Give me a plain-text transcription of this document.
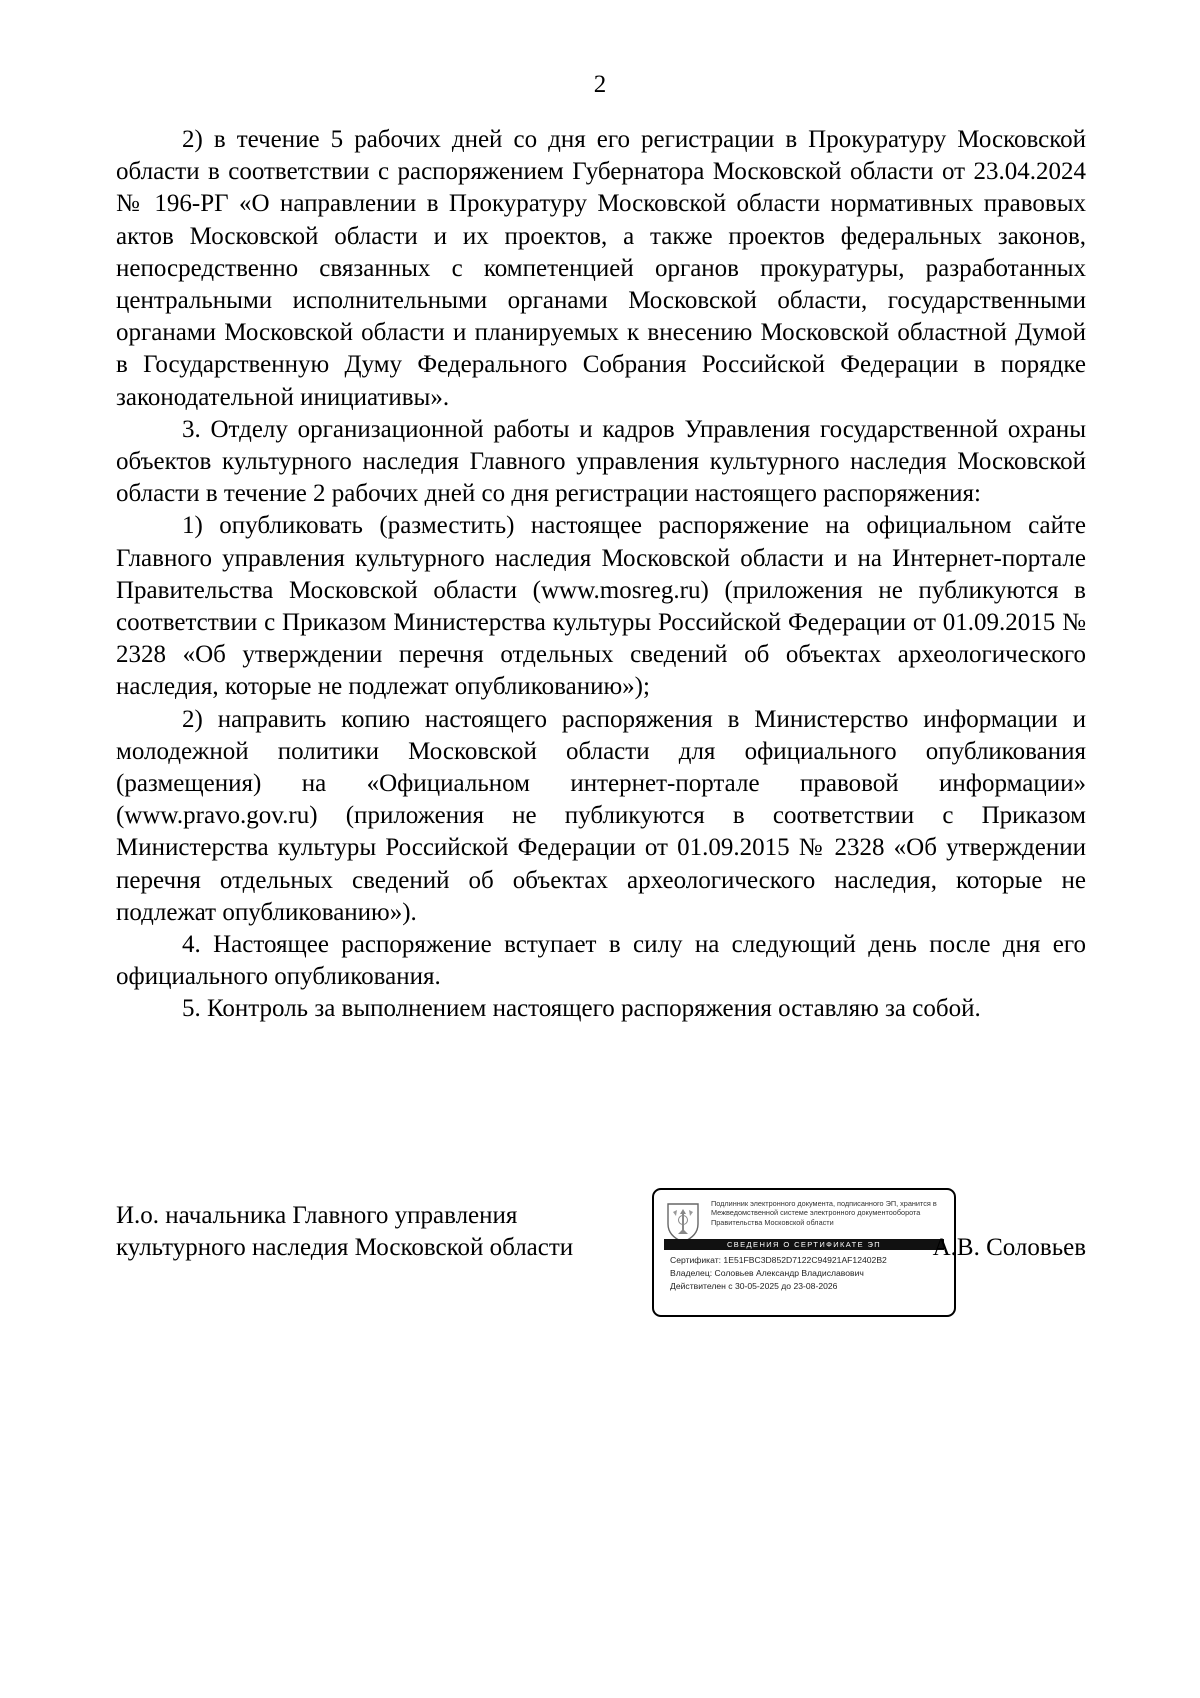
2

2) в течение 5 рабочих дней со дня его регистрации в Прокуратуру Московской области в соответствии с распоряжением Губернатора Московской области от 23.04.2024 № 196-РГ «О направлении в Прокуратуру Московской области нормативных правовых актов Московской области и их проектов, а также проектов федеральных законов, непосредственно связанных с компетенцией органов прокуратуры, разработанных центральными исполнительными органами Московской области, государственными органами Московской области и планируемых к внесению Московской областной Думой в Государственную Думу Федерального Собрания Российской Федерации в порядке законодательной инициативы».

3. Отделу организационной работы и кадров Управления государственной охраны объектов культурного наследия Главного управления культурного наследия Московской области в течение 2 рабочих дней со дня регистрации настоящего распоряжения:

1) опубликовать (разместить) настоящее распоряжение на официальном сайте Главного управления культурного наследия Московской области и на Интернет-портале Правительства Московской области (www.mosreg.ru) (приложения не публикуются в соответствии с Приказом Министерства культуры Российской Федерации от 01.09.2015 № 2328 «Об утверждении перечня отдельных сведений об объектах археологического наследия, которые не подлежат опубликованию»);

2) направить копию настоящего распоряжения в Министерство информации и молодежной политики Московской области для официального опубликования (размещения) на «Официальном интернет-портале правовой информации» (www.pravo.gov.ru) (приложения не публикуются в соответствии с Приказом Министерства культуры Российской Федерации от 01.09.2015 № 2328 «Об утверждении перечня отдельных сведений об объектах археологического наследия, которые не подлежат опубликованию»).

4. Настоящее распоряжение вступает в силу на следующий день после дня его официального опубликования.

5. Контроль за выполнением настоящего распоряжения оставляю за собой.

И.о. начальника Главного управления
культурного наследия Московской области
Подлинник электронного документа, подписанного ЭП, хранится в Межведомственной системе электронного документооборота Правительства Московской области
СВЕДЕНИЯ О СЕРТИФИКАТЕ ЭП
Сертификат: 1E51FBC3D852D7122C94921AF12402B2
Владелец: Соловьев Александр Владиславович
Действителен с 30-05-2025 до 23-08-2026
А.В. Соловьев
